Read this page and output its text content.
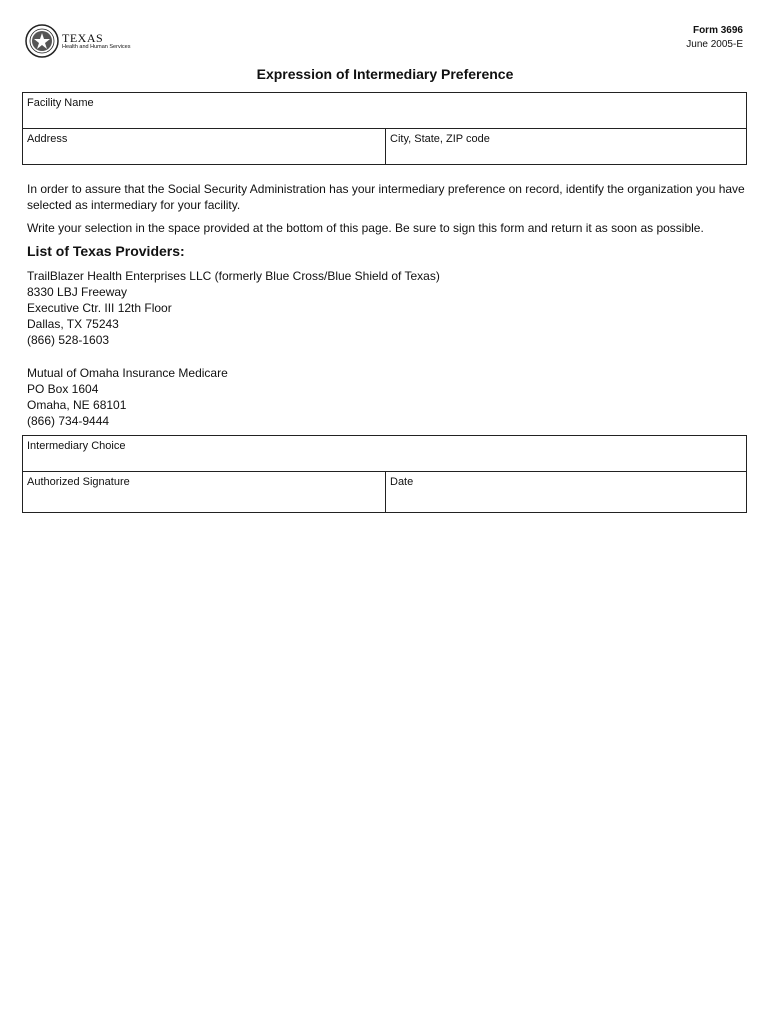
TEXAS
Health and Human Services
Form 3696
June 2005-E
Expression of Intermediary Preference
Facility Name
Address	City, State, ZIP code

In order to assure that the Social Security Administration has your intermediary preference on record, identify the organization you have selected as intermediary for your facility.

Write your selection in the space provided at the bottom of this page. Be sure to sign this form and return it as soon as possible.

List of Texas Providers:
TrailBlazer Health Enterprises LLC (formerly Blue Cross/Blue Shield of Texas)
8330 LBJ Freeway
Executive Ctr. III 12th Floor
Dallas, TX 75243
(866) 528-1603
Mutual of Omaha Insurance Medicare
PO Box 1604
Omaha, NE 68101
(866) 734-9444
Intermediary Choice
Authorized Signature	Date
